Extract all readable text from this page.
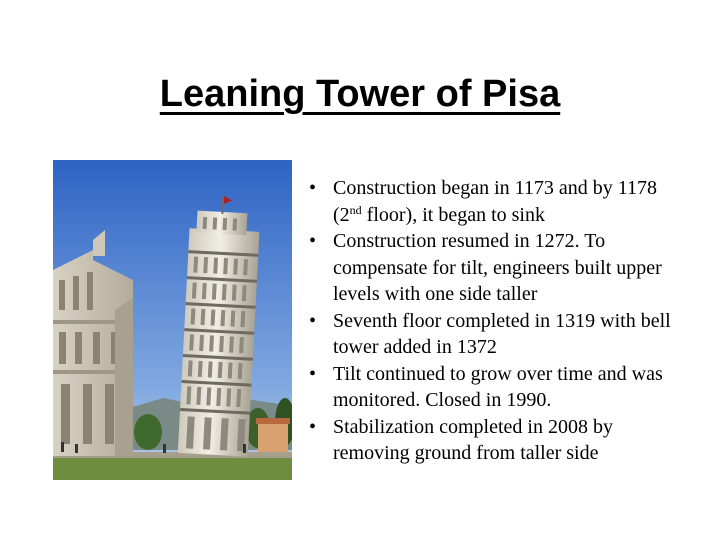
Leaning Tower of Pisa
• Construction began in 1173 and by 1178 (2nd floor), it began to sink
• Construction resumed in 1272. To compensate for tilt, engineers built upper levels with one side taller
• Seventh floor completed in 1319 with bell tower added in 1372
• Tilt continued to grow over time and was monitored. Closed in 1990.
• Stabilization completed in 2008 by removing ground from taller side
